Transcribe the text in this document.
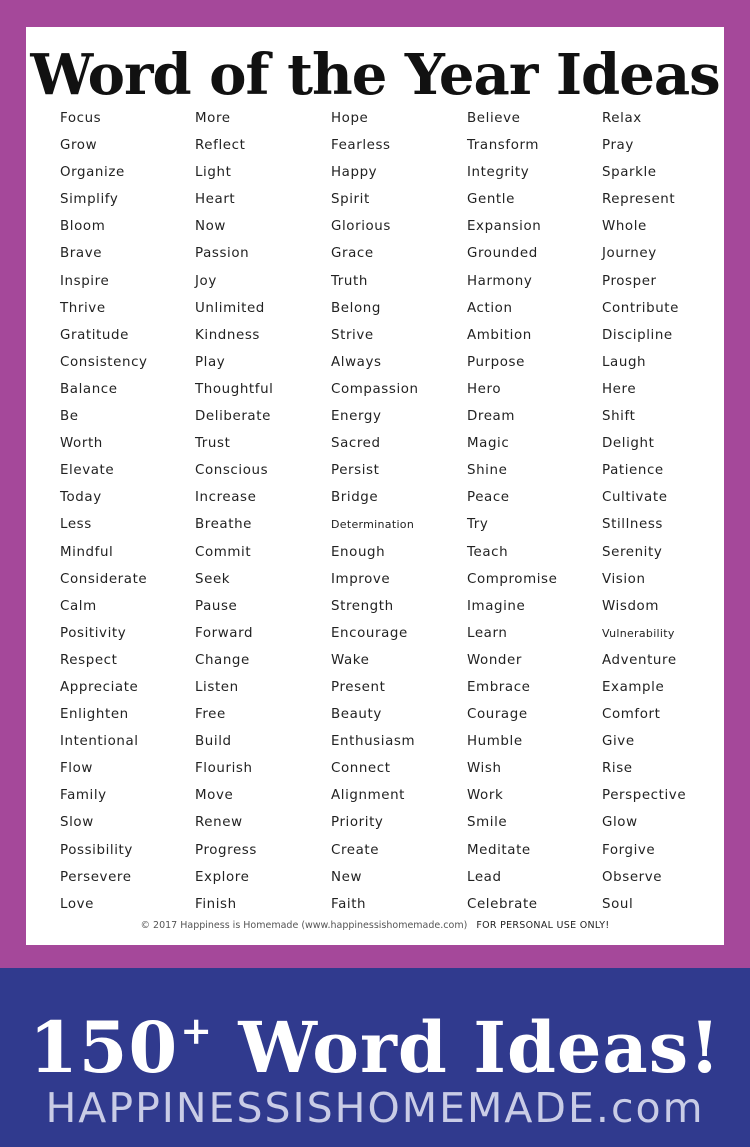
Word of the Year Ideas
Focus
Grow
Organize
Simplify
Bloom
Brave
Inspire
Thrive
Gratitude
Consistency
Balance
Be
Worth
Elevate
Today
Less
Mindful
Considerate
Calm
Positivity
Respect
Appreciate
Enlighten
Intentional
Flow
Family
Slow
Possibility
Persevere
Love
More
Reflect
Light
Heart
Now
Passion
Joy
Unlimited
Kindness
Play
Thoughtful
Deliberate
Trust
Conscious
Increase
Breathe
Commit
Seek
Pause
Forward
Change
Listen
Free
Build
Flourish
Move
Renew
Progress
Explore
Finish
Hope
Fearless
Happy
Spirit
Glorious
Grace
Truth
Belong
Strive
Always
Compassion
Energy
Sacred
Persist
Bridge
Determination
Enough
Improve
Strength
Encourage
Wake
Present
Beauty
Enthusiasm
Connect
Alignment
Priority
Create
New
Faith
Believe
Transform
Integrity
Gentle
Expansion
Grounded
Harmony
Action
Ambition
Purpose
Hero
Dream
Magic
Shine
Peace
Try
Teach
Compromise
Imagine
Learn
Wonder
Embrace
Courage
Humble
Wish
Work
Smile
Meditate
Lead
Celebrate
Relax
Pray
Sparkle
Represent
Whole
Journey
Prosper
Contribute
Discipline
Laugh
Here
Shift
Delight
Patience
Cultivate
Stillness
Serenity
Vision
Wisdom
Vulnerability
Adventure
Example
Comfort
Give
Rise
Perspective
Glow
Forgive
Observe
Soul
© 2017 Happiness is Homemade (www.happinessishomemade.com) FOR PERSONAL USE ONLY!
150+ Word Ideas!
HAPPINESSISHOMEMADE.com
